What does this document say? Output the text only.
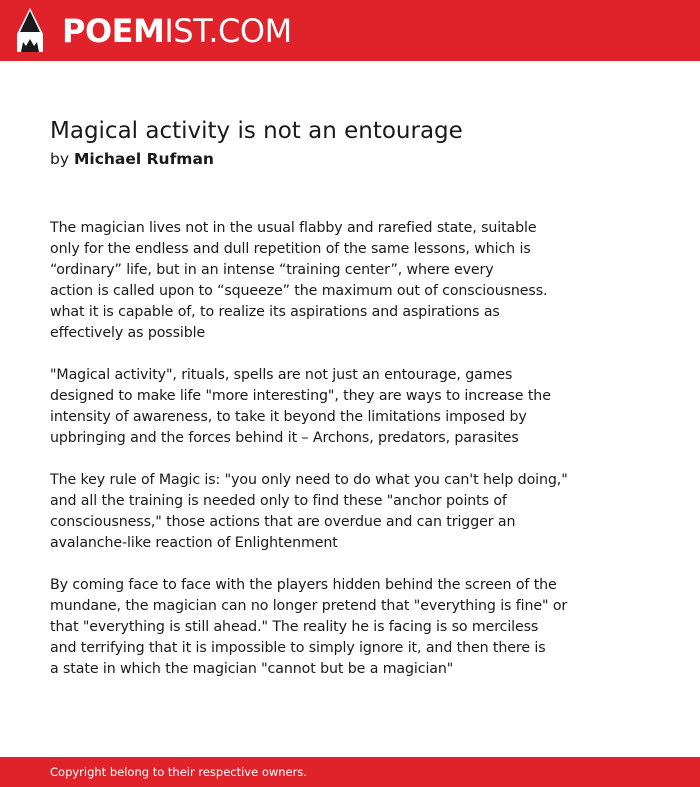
POEMIST.COM
Magical activity is not an entourage
by Michael Rufman
The magician lives not in the usual flabby and rarefied state, suitable
only for the endless and dull repetition of the same lessons, which is
“ordinary” life, but in an intense “training center”, where every
action is called upon to “squeeze” the maximum out of consciousness.
what it is capable of, to realize its aspirations and aspirations as
effectively as possible
"Magical activity", rituals, spells are not just an entourage, games
designed to make life "more interesting", they are ways to increase the
intensity of awareness, to take it beyond the limitations imposed by
upbringing and the forces behind it – Archons, predators, parasites
The key rule of Magic is: "you only need to do what you can't help doing,"
and all the training is needed only to find these "anchor points of
consciousness," those actions that are overdue and can trigger an
avalanche-like reaction of Enlightenment
By coming face to face with the players hidden behind the screen of the
mundane, the magician can no longer pretend that "everything is fine" or
that "everything is still ahead." The reality he is facing is so merciless
and terrifying that it is impossible to simply ignore it, and then there is
a state in which the magician "cannot but be a magician"
Copyright belong to their respective owners.
